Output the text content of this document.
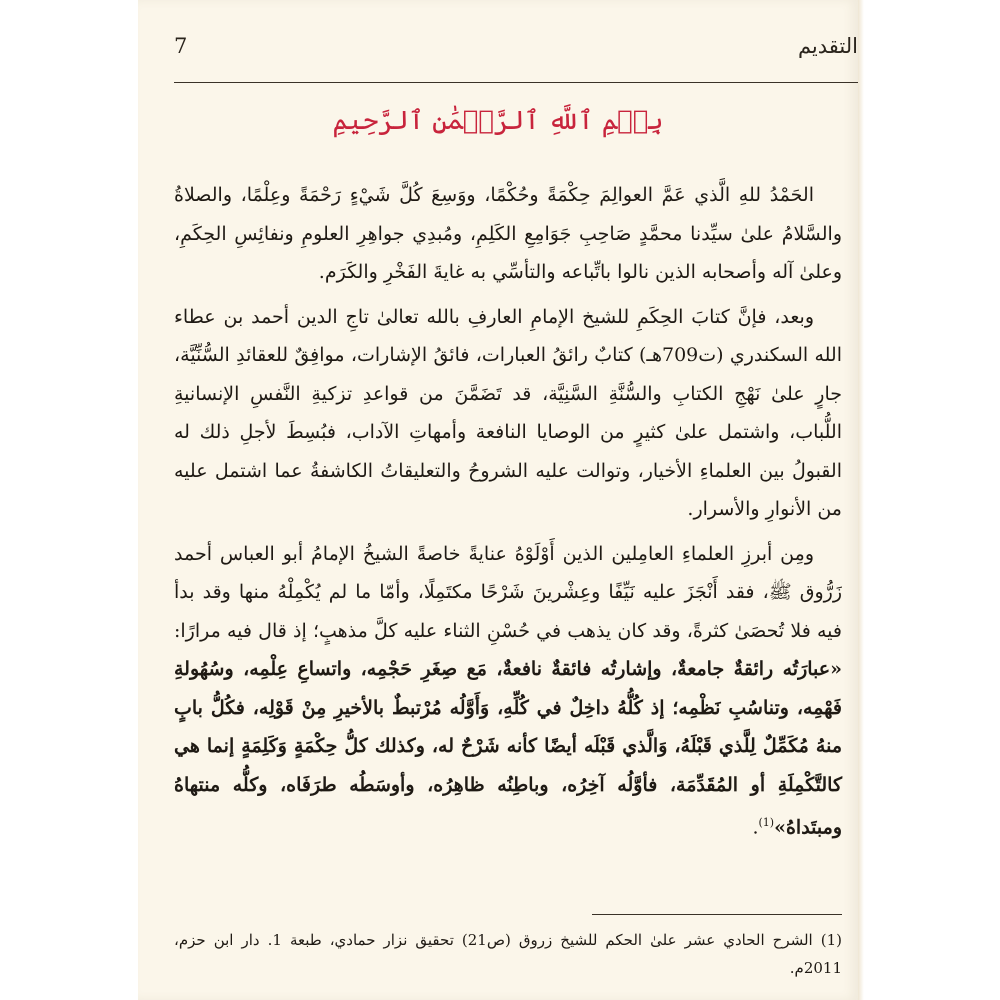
التقديم
7
بِسۡمِ ٱللَّهِ ٱلرَّحۡمَٰنِ ٱلرَّحِيمِ

الحَمْدُ للهِ الَّذي عَمَّ العوالِمَ حِكْمَةً وحُكْمًا، ووَسِعَ كُلَّ شَيْءٍ رَحْمَةً وعِلْمًا، والصلاةُ والسَّلامُ علىٰ سيِّدنا محمَّدٍ صَاحِبِ جَوَامِعِ الكَلِمِ، ومُبدِي جواهِرِ العلومِ ونفائِسِ الحِكَمِ، وعلىٰ آله وأصحابه الذين نالوا باتِّباعه والتأسِّي به غايةَ الفَخْرِ والكَرَم.

وبعد، فإنَّ كتابَ الحِكَمِ للشيخ الإمامِ العارفِ بالله تعالىٰ تاجِ الدين أحمد بن عطاء الله السكندري (ت709هـ) كتابٌ رائقُ العبارات، فائقُ الإشارات، موافِقٌ للعقائدِ السُّنِّيَّة، جارٍ علىٰ نَهْجِ الكتابِ والسُّنَّةِ السَّنِيَّة، قد تَضَمَّنَ من قواعدِ تزكيةِ النَّفسِ الإنسانيةِ اللُّباب، واشتمل علىٰ كثيرٍ من الوصايا النافعة وأمهاتِ الآداب، فبُسِطَ لأجلِ ذلك له القبولُ بين العلماءِ الأخيار، وتوالت عليه الشروحُ والتعليقاتُ الكاشفةُ عما اشتمل عليه من الأنوارِ والأسرار.

ومِن أبرزِ العلماءِ العامِلين الذين أَوْلَوْهُ عنايةً خاصةً الشيخُ الإمامُ أبو العباس أحمد زَرُّوق ﷺ، فقد أَنْجَزَ عليه نَيِّفًا وعِشْرينَ شَرْحًا مكتَمِلًا، وأمّا ما لم يُكْمِلْهُ منها وقد بدأ فيه فلا تُحصَىٰ كثرةً، وقد كان يذهب في حُسْنِ الثناء عليه كلَّ مذهبٍ؛ إذ قال فيه مرارًا: «عبارَتُه رائقةٌ جامعةٌ، وإشارتُه فائقةٌ نافعةٌ، مَع صِغَرِ حَجْمِه، واتساعِ عِلْمِه، وسُهُولةِ فَهْمِه، وتناسُبِ نَظْمِه؛ إذ كُلُّهُ داخِلٌ في كُلِّهِ، وَأَوَّلُه مُرْتبطٌ بالأخيرِ مِنْ قَوْلِه، فكُلُّ بابٍ منهُ مُكَمِّلٌ لِلَّذي قَبْلَهُ، وَالَّذي قَبْلَه أيضًا كأنه شَرْحٌ له، وكذلك كلُّ حِكْمَةٍ وَكَلِمَةٍ إنما هي كالتَّكْمِلَةِ أو المُقَدِّمَة، فأوَّلُه آخِرُه، وباطِنُه ظاهِرُه، وأوسَطُه طرَفَاه، وكلُّه منتهاهُ ومبتَداهُ»$^{(1)}$.

(1) الشرح الحادي عشر علىٰ الحكم للشيخ زروق (ص21) تحقيق نزار حمادي، طبعة 1. دار ابن حزم، 2011م.
